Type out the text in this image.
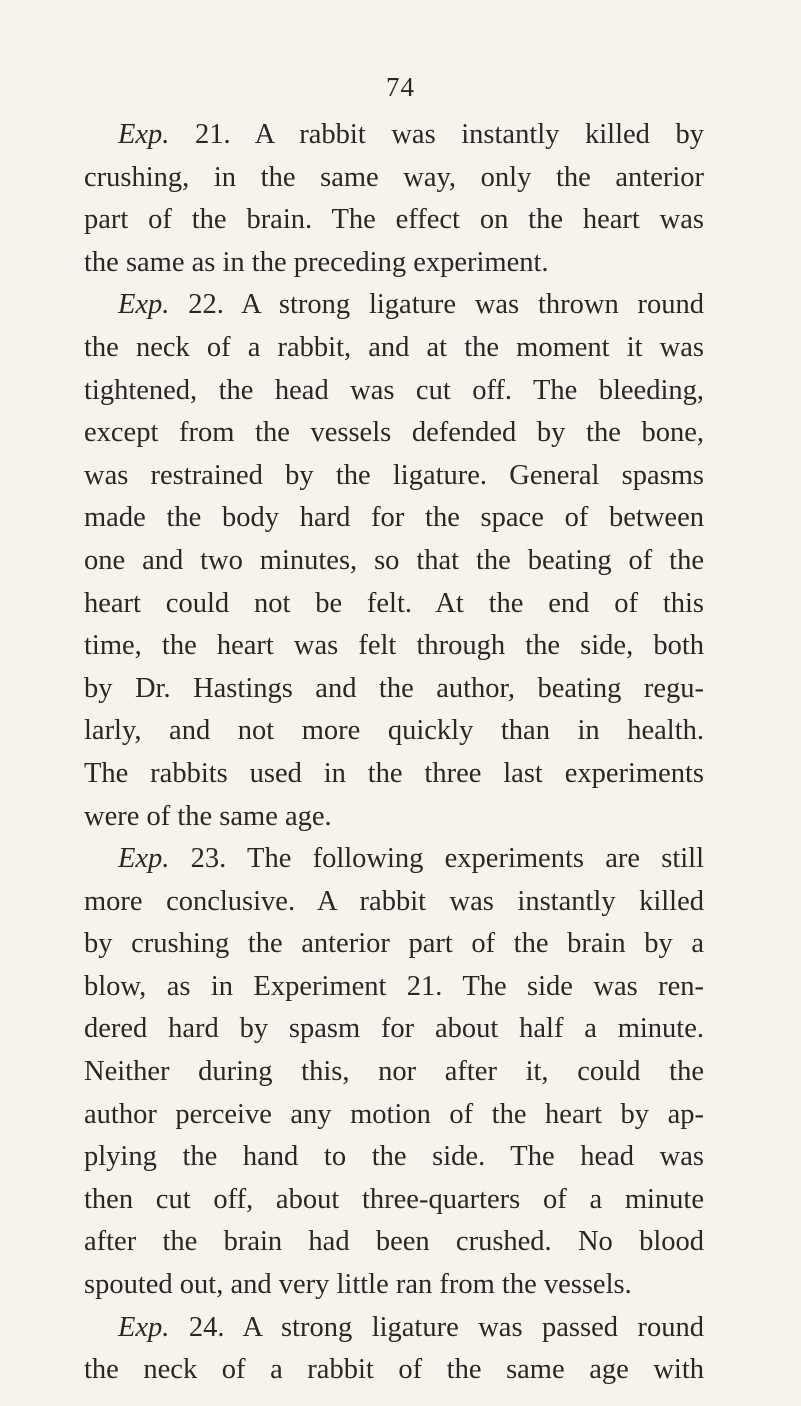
74
Exp. 21. A rabbit was instantly killed by
crushing, in the same way, only the anterior
part of the brain. The effect on the heart was
the same as in the preceding experiment.
Exp. 22. A strong ligature was thrown round
the neck of a rabbit, and at the moment it was
tightened, the head was cut off. The bleeding,
except from the vessels defended by the bone,
was restrained by the ligature. General spasms
made the body hard for the space of between
one and two minutes, so that the beating of the
heart could not be felt. At the end of this
time, the heart was felt through the side, both
by Dr. Hastings and the author, beating regu-
larly, and not more quickly than in health.
The rabbits used in the three last experiments
were of the same age.
Exp. 23. The following experiments are still
more conclusive. A rabbit was instantly killed
by crushing the anterior part of the brain by a
blow, as in Experiment 21. The side was ren-
dered hard by spasm for about half a minute.
Neither during this, nor after it, could the
author perceive any motion of the heart by ap-
plying the hand to the side. The head was
then cut off, about three-quarters of a minute
after the brain had been crushed. No blood
spouted out, and very little ran from the vessels.
Exp. 24. A strong ligature was passed round
the neck of a rabbit of the same age with
